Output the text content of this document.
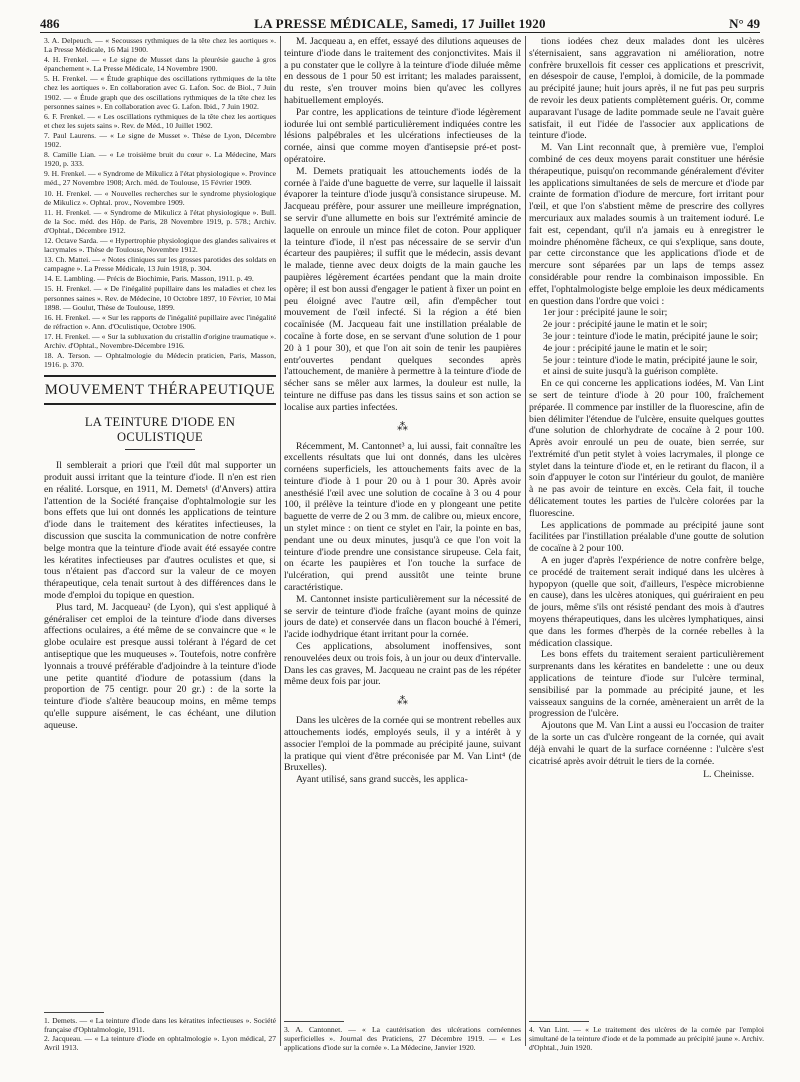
486	LA PRESSE MÉDICALE, Samedi, 17 Juillet 1920	N° 49

3. A. Delpeuch. — « Secousses rythmiques de la tête chez les aortiques ». La Presse Médicale, 16 Mai 1900.

4. H. Frenkel. — « Le signe de Musset dans la pleurésie gauche à gros épanchement ». La Presse Médicale, 14 Novembre 1900.

5. H. Frenkel. — « Étude graphique des oscillations rythmiques de la tête chez les aortiques ». En collaboration avec G. Lafon. Soc. de Biol., 7 Juin 1902. — « Étude graph que des oscillations rythmiques de la tête chez les personnes saines ». En collaboration avec G. Lafon. Ibid., 7 Juin 1902.

6. F. Frenkel. — « Les oscillations rythmiques de la tête chez les aortiques et chez les sujets sains ». Rev. de Méd., 10 Juillet 1902.

7. Paul Laurens. — « Le signe de Musset ». Thèse de Lyon, Décembre 1902.

8. Camille Lian. — « Le troisième bruit du cœur ». La Médecine, Mars 1920, p. 333.

9. H. Frenkel. — « Syndrome de Mikulicz à l'état physiologique ». Province méd., 27 Novembre 1908; Arch. méd. de Toulouse, 15 Février 1909.

10. H. Frenkel. — « Nouvelles recherches sur le syndrome physiologique de Mikulicz ». Ophtal. prov., Novembre 1909.

11. H. Frenkel. — « Syndrome de Mikulicz à l'état physiologique ». Bull. de la Soc. méd. des Hôp. de Paris, 28 Novembre 1919, p. 578.; Archiv. d'Ophtal., Décembre 1912.

12. Octave Sarda. — « Hypertrophie physiologique des glandes salivaires et lacrymales ». Thèse de Toulouse, Novembre 1912.

13. Ch. Mattei. — « Notes cliniques sur les grosses parotides des soldats en campagne ». La Presse Médicale, 13 Juin 1918, p. 304.

14. E. Lambling. — Précis de Biochimie, Paris. Masson, 1911. p. 49.

15. H. Frenkel. — « De l'inégalité pupillaire dans les maladies et chez les personnes saines ». Rev. de Médecine, 10 Octobre 1897, 10 Février, 10 Mai 1898. — Goulut, Thèse de Toulouse, 1899.

16. H. Frenkel. — « Sur les rapports de l'inégalité pupillaire avec l'inégalité de réfraction ». Ann. d'Oculistique, Octobre 1906.

17. H. Frenkel. — « Sur la subluxation du cristallin d'origine traumatique ». Archiv. d'Ophtal., Novembre-Décembre 1916.

18. A. Terson. — Ophtalmologie du Médecin praticien, Paris, Masson, 1916. p. 370.

MOUVEMENT THÉRAPEUTIQUE
LA TEINTURE D'IODE EN OCULISTIQUE

Il semblerait a priori que l'œil dût mal supporter un produit aussi irritant que la teinture d'iode. Il n'en est rien en réalité. Lorsque, en 1911, M. Demets¹ (d'Anvers) attira l'attention de la Société française d'ophtalmologie sur les bons effets que lui ont donnés les applications de teinture d'iode dans le traitement des kératites infectieuses, la discussion que suscita la communication de notre confrère belge montra que la teinture d'iode avait été essayée contre les kératites infectieuses par d'autres oculistes et que, si tous n'étaient pas d'accord sur la valeur de ce moyen thérapeutique, cela tenait surtout à des différences dans le mode d'emploi du topique en question.

Plus tard, M. Jacqueau² (de Lyon), qui s'est appliqué à généraliser cet emploi de la teinture d'iode dans diverses affections oculaires, a été même de se convaincre que « le globe oculaire est presque aussi tolérant à l'égard de cet antiseptique que les muqueuses ». Toutefois, notre confrère lyonnais a trouvé préférable d'adjoindre à la teinture d'iode une petite quantité d'iodure de potassium (dans la proportion de 75 centigr. pour 20 gr.) : de la sorte la teinture d'iode s'altère beaucoup moins, en même temps qu'elle suppure aisément, le cas échéant, une dilution aqueuse.

1. Demets. — « La teinture d'iode dans les kératites infectieuses ». Société française d'Ophtalmologie, 1911.

2. Jacqueau. — « La teinture d'iode en ophtalmologie ». Lyon médical, 27 Avril 1913.

M. Jacqueau a, en effet, essayé des dilutions aqueuses de teinture d'iode dans le traitement des conjonctivites. Mais il a pu constater que le collyre à la teinture d'iode diluée même en dessous de 1 pour 50 est irritant; les malades paraissent, du reste, s'en trouver moins bien qu'avec les collyres habituellement employés.

Par contre, les applications de teinture d'iode légèrement iodurée lui ont semblé particulièrement indiquées contre les lésions palpébrales et les ulcérations infectieuses de la cornée, ainsi que comme moyen d'antisepsie pré-et post-opératoire.

M. Demets pratiquait les attouchements iodés de la cornée à l'aide d'une baguette de verre, sur laquelle il laissait évaporer la teinture d'iode jusqu'à consistance sirupeuse. M. Jacqueau préfère, pour assurer une meilleure imprégnation, se servir d'une allumette en bois sur l'extrémité amincie de laquelle on enroule un mince filet de coton. Pour appliquer la teinture d'iode, il n'est pas nécessaire de se servir d'un écarteur des paupières; il suffit que le médecin, assis devant le malade, tienne avec deux doigts de la main gauche les paupières légèrement écartées pendant que la main droite opère; il est bon aussi d'engager le patient à fixer un point en peu éloigné avec l'autre œil, afin d'empêcher tout mouvement de l'œil infecté. Si la région a été bien cocaïnisée (M. Jacqueau fait une instillation préalable de cocaïne à forte dose, en se servant d'une solution de 1 pour 20 à 1 pour 30), et que l'on ait soin de tenir les paupières entr'ouvertes pendant quelques secondes après l'attouchement, de manière à permettre à la teinture d'iode de sécher sans se mêler aux larmes, la douleur est nulle, la teinture ne diffuse pas dans les tissus sains et son action se localise aux parties infectées.

⁂

Récemment, M. Cantonnet³ a, lui aussi, fait connaître les excellents résultats que lui ont donnés, dans les ulcères cornéens superficiels, les attouchements faits avec de la teinture d'iode à 1 pour 20 ou à 1 pour 30. Après avoir anesthésié l'œil avec une solution de cocaïne à 3 ou 4 pour 100, il prélève la teinture d'iode en y plongeant une petite baguette de verre de 2 ou 3 mm. de calibre ou, mieux encore, un stylet mince : on tient ce stylet en l'air, la pointe en bas, pendant une ou deux minutes, jusqu'à ce que l'on voit la teinture d'iode prendre une consistance sirupeuse. Cela fait, on écarte les paupières et l'on touche la surface de l'ulcération, qui prend aussitôt une teinte brune caractéristique.

M. Cantonnet insiste particulièrement sur la nécessité de se servir de teinture d'iode fraîche (ayant moins de quinze jours de date) et conservée dans un flacon bouché à l'émeri, l'acide iodhydrique étant irritant pour la cornée.

Ces applications, absolument inoffensives, sont renouvelées deux ou trois fois, à un jour ou deux d'intervalle. Dans les cas graves, M. Jacqueau ne craint pas de les répéter même deux fois par jour.

⁂

Dans les ulcères de la cornée qui se montrent rebelles aux attouchements iodés, employés seuls, il y a intérêt à y associer l'emploi de la pommade au précipité jaune, suivant la pratique qui vient d'être préconisée par M. Van Lint⁴ (de Bruxelles).

Ayant utilisé, sans grand succès, les applica-

3. A. Cantonnet. — « La cautérisation des ulcérations cornéennes superficielles ». Journal des Praticiens, 27 Décembre 1919. — « Les applications d'iode sur la cornée ». La Médecine, Janvier 1920.

tions iodées chez deux malades dont les ulcères s'éternisaient, sans aggravation ni amélioration, notre confrère bruxellois fit cesser ces applications et prescrivit, en désespoir de cause, l'emploi, à domicile, de la pommade au précipité jaune; huit jours après, il ne fut pas peu surpris de revoir les deux patients complètement guéris. Or, comme auparavant l'usage de ladite pommade seule ne l'avait guère satisfait, il eut l'idée de l'associer aux applications de teinture d'iode.

M. Van Lint reconnaît que, à première vue, l'emploi combiné de ces deux moyens parait constituer une hérésie thérapeutique, puisqu'on recommande généralement d'éviter les applications simultanées de sels de mercure et d'iode par crainte de formation d'iodure de mercure, fort irritant pour l'œil, et que l'on s'abstient même de prescrire des collyres mercuriaux aux malades soumis à un traitement ioduré. Le fait est, cependant, qu'il n'a jamais eu à enregistrer le moindre phénomène fâcheux, ce qui s'explique, sans doute, par cette circonstance que les applications d'iode et de mercure sont séparées par un laps de temps assez considérable pour rendre la combinaison impossible. En effet, l'ophtalmologiste belge emploie les deux médicaments en question dans l'ordre que voici :

1er jour : précipité jaune le soir;
2e jour : précipité jaune le matin et le soir;
3e jour : teinture d'iode le matin, précipité jaune le soir;
4e jour : précipité jaune le matin et le soir;
5e jour : teinture d'iode le matin, précipité jaune le soir, et ainsi de suite jusqu'à la guérison complète.

En ce qui concerne les applications iodées, M. Van Lint se sert de teinture d'iode à 20 pour 100, fraîchement préparée. Il commence par instiller de la fluorescine, afin de bien délimiter l'étendue de l'ulcère, ensuite quelques gouttes d'une solution de chlorhydrate de cocaïne à 2 pour 100. Après avoir enroulé un peu de ouate, bien serrée, sur l'extrémité d'un petit stylet à voies lacrymales, il plonge ce stylet dans la teinture d'iode et, en le retirant du flacon, il a soin d'appuyer le coton sur l'intérieur du goulot, de manière à ne pas avoir de teinture en excès. Cela fait, il touche délicatement toutes les parties de l'ulcère colorées par la fluorescine.

Les applications de pommade au précipité jaune sont facilitées par l'instillation préalable d'une goutte de solution de cocaïne à 2 pour 100.

A en juger d'après l'expérience de notre confrère belge, ce procédé de traitement serait indiqué dans les ulcères à hypopyon (quelle que soit, d'ailleurs, l'espèce microbienne en cause), dans les ulcères atoniques, qui guériraient en peu de jours, même s'ils ont résisté pendant des mois à d'autres moyens thérapeutiques, dans les ulcères lymphatiques, ainsi que dans les formes d'herpès de la cornée rebelles à la médication classique.

Les bons effets du traitement seraient particulièrement surprenants dans les kératites en bandelette : une ou deux applications de teinture d'iode sur l'ulcère terminal, sensibilisé par la pommade au précipité jaune, et les vaisseaux sanguins de la cornée, amèneraient un arrêt de la progression de l'ulcère.

Ajoutons que M. Van Lint a aussi eu l'occasion de traiter de la sorte un cas d'ulcère rongeant de la cornée, qui avait déjà envahi le quart de la surface cornéenne : l'ulcère s'est cicatrisé après avoir détruit le tiers de la cornée.

L. Cheinisse.

4. Van Lint. — « Le traitement des ulcères de la cornée par l'emploi simultané de la teinture d'iode et de la pommade au précipité jaune ». Archiv. d'Ophtal., Juin 1920.
